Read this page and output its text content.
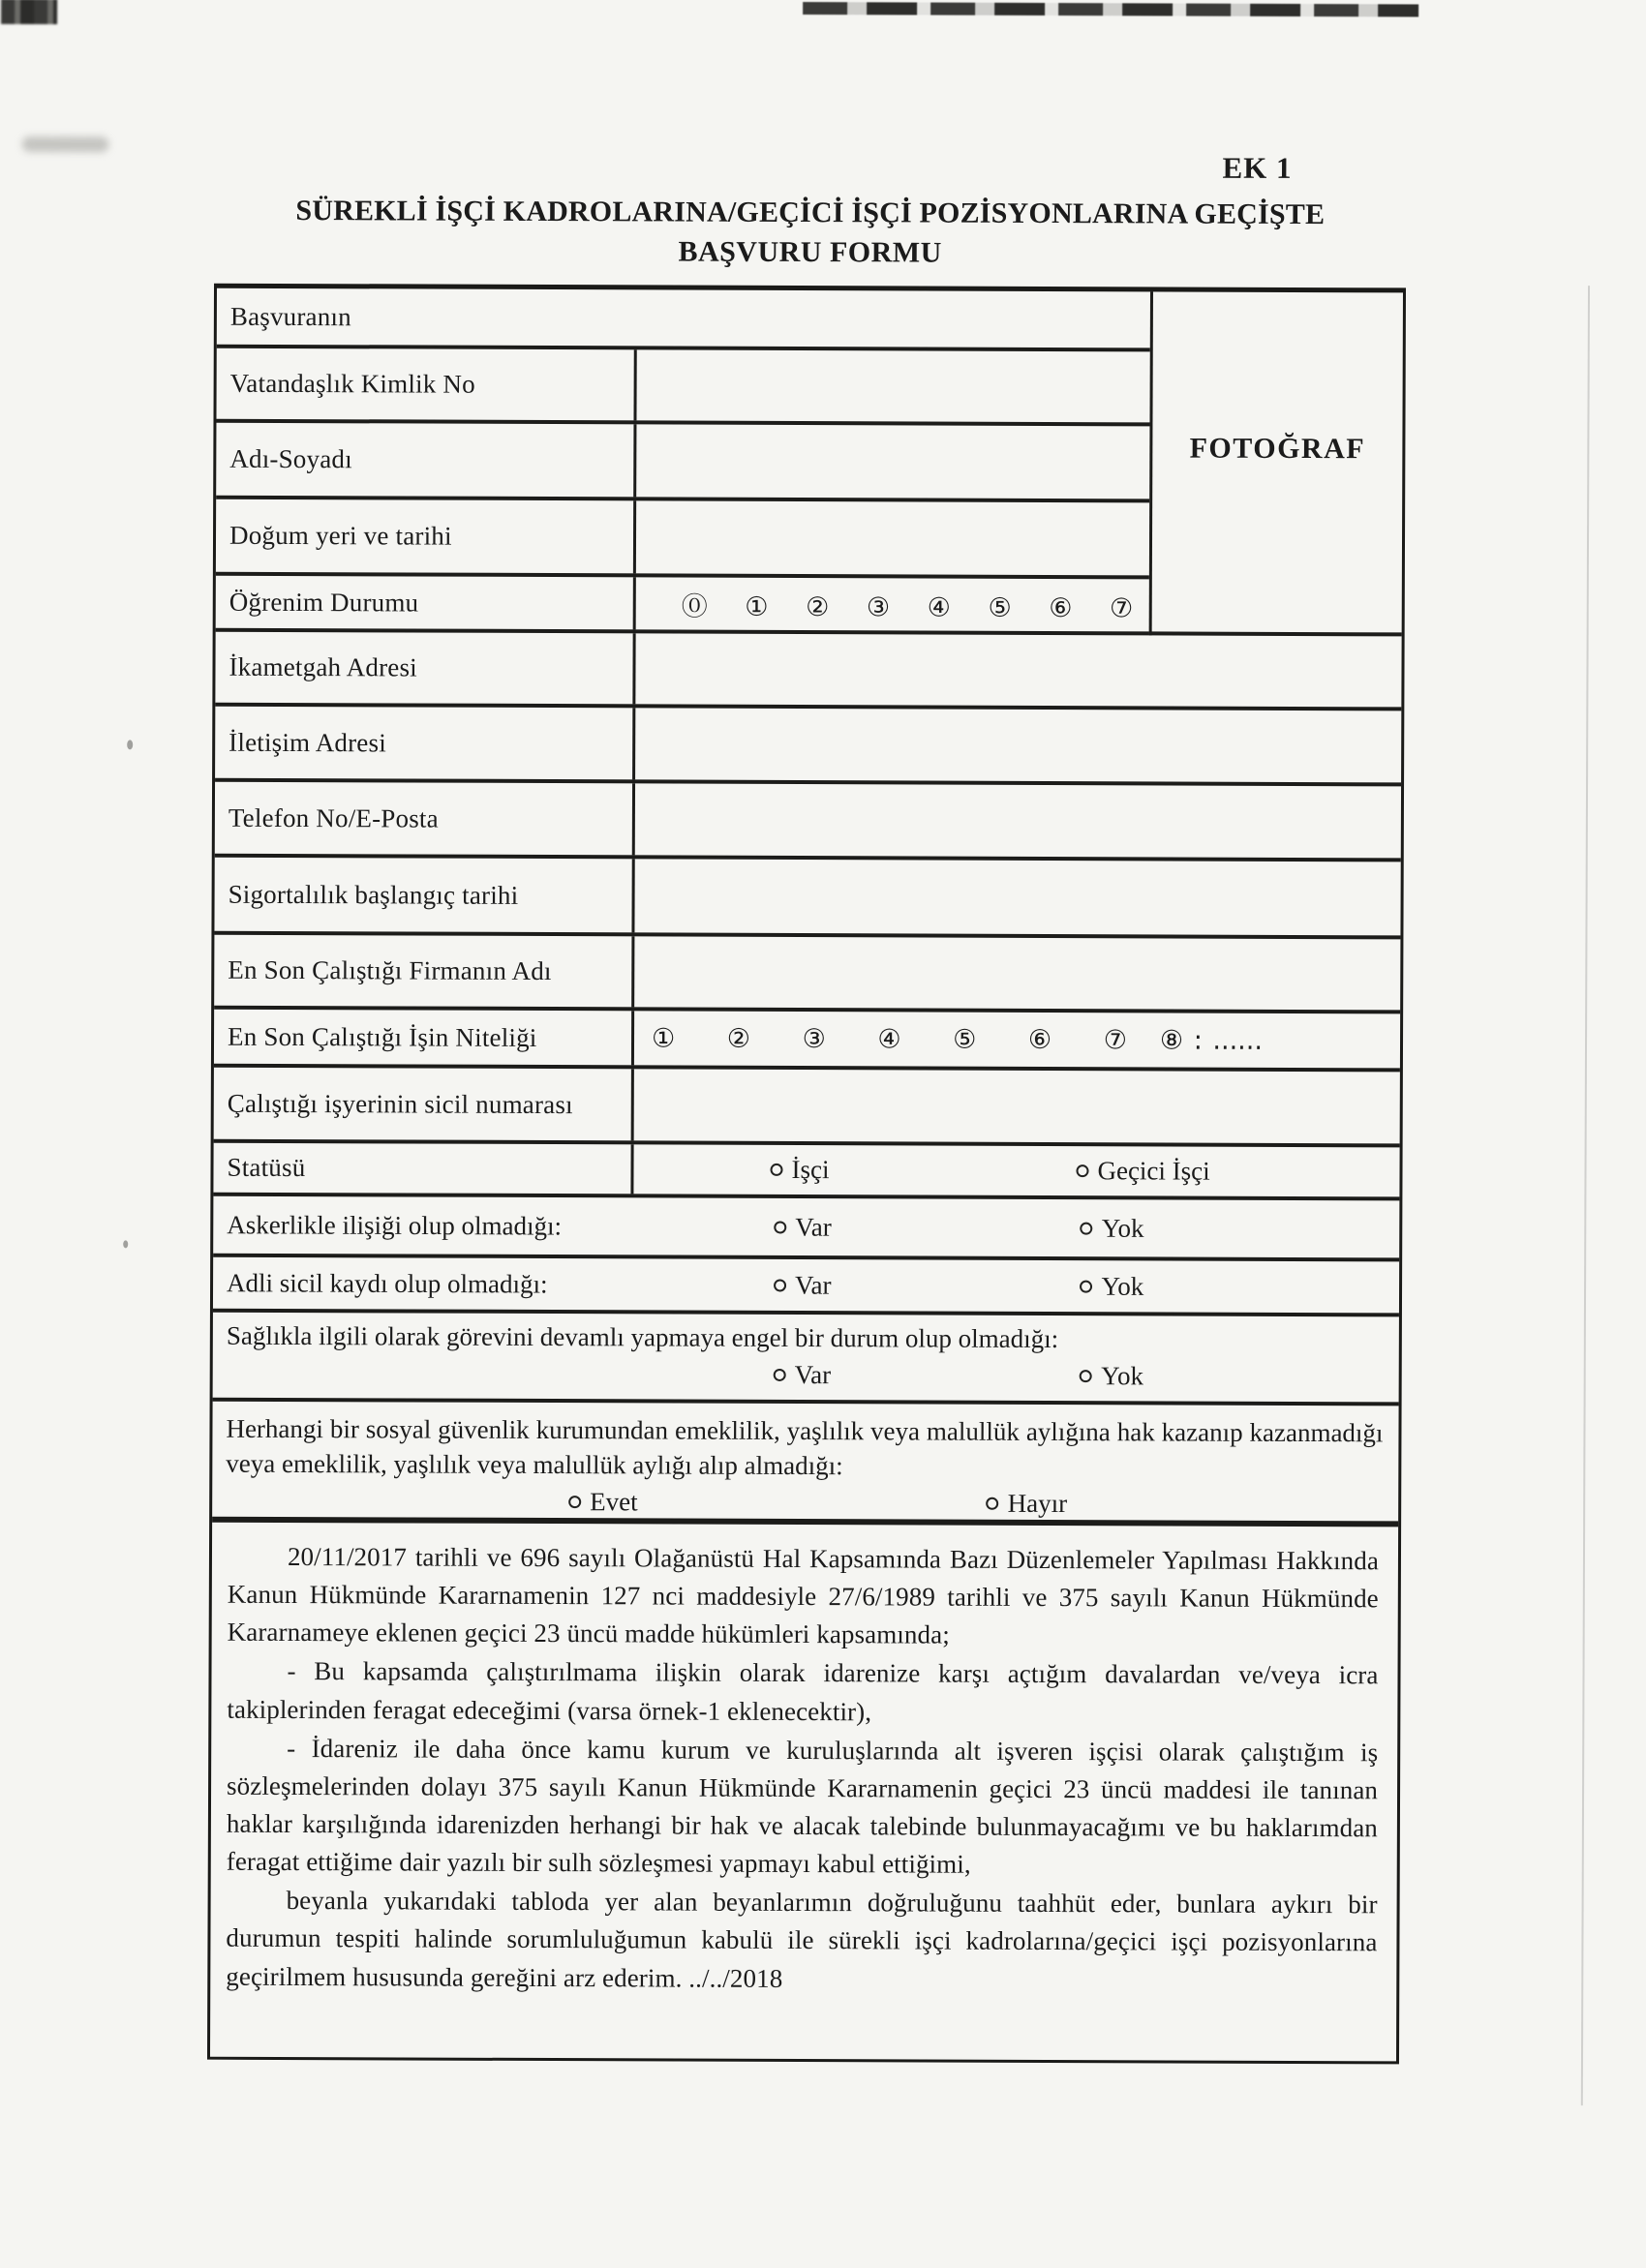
EK 1
SÜREKLİ İŞÇİ KADROLARINA/GEÇİCİ İŞÇİ POZİSYONLARINA GEÇİŞTE
BAŞVURU FORMU
Başvuranın
Vatandaşlık Kimlik No
Adı-Soyadı
Doğum yeri ve tarihi
Öğrenim Durumu	⓪ ① ② ③ ④ ⑤ ⑥ ⑦
FOTOĞRAF
İkametgah Adresi
İletişim Adresi
Telefon No/E-Posta
Sigortalılık başlangıç tarihi
En Son Çalıştığı Firmanın Adı
En Son Çalıştığı İşin Niteliği	① ② ③ ④ ⑤ ⑥ ⑦ ⑧ : ......
Çalıştığı işyerinin sicil numarası
Statüsü	İşçi	Geçici İşçi
Askerlikle ilişiği olup olmadığı:	Var	Yok
Adli sicil kaydı olup olmadığı:	Var	Yok
Sağlıkla ilgili olarak görevini devamlı yapmaya engel bir durum olup olmadığı:
Var	Yok
Herhangi bir sosyal güvenlik kurumundan emeklilik, yaşlılık veya malullük aylığına hak kazanıp kazanmadığı veya emeklilik, yaşlılık veya malullük aylığı alıp almadığı:
Evet	Hayır

20/11/2017 tarihli ve 696 sayılı Olağanüstü Hal Kapsamında Bazı Düzenlemeler Yapılması Hakkında Kanun Hükmünde Kararnamenin 127 nci maddesiyle 27/6/1989 tarihli ve 375 sayılı Kanun Hükmünde Kararnameye eklenen geçici 23 üncü madde hükümleri kapsamında;

- Bu kapsamda çalıştırılmama ilişkin olarak idarenize karşı açtığım davalardan ve/veya icra takiplerinden feragat edeceğimi (varsa örnek-1 eklenecektir),

- İdareniz ile daha önce kamu kurum ve kuruluşlarında alt işveren işçisi olarak çalıştığım iş sözleşmelerinden dolayı 375 sayılı Kanun Hükmünde Kararnamenin geçici 23 üncü maddesi ile tanınan haklar karşılığında idarenizden herhangi bir hak ve alacak talebinde bulunmayacağımı ve bu haklarımdan feragat ettiğime dair yazılı bir sulh sözleşmesi yapmayı kabul ettiğimi,

beyanla yukarıdaki tabloda yer alan beyanlarımın doğruluğunu taahhüt eder, bunlara aykırı bir durumun tespiti halinde sorumluluğumun kabulü ile sürekli işçi kadrolarına/geçici işçi pozisyonlarına geçirilmem hususunda gereğini arz ederim. ../../2018
